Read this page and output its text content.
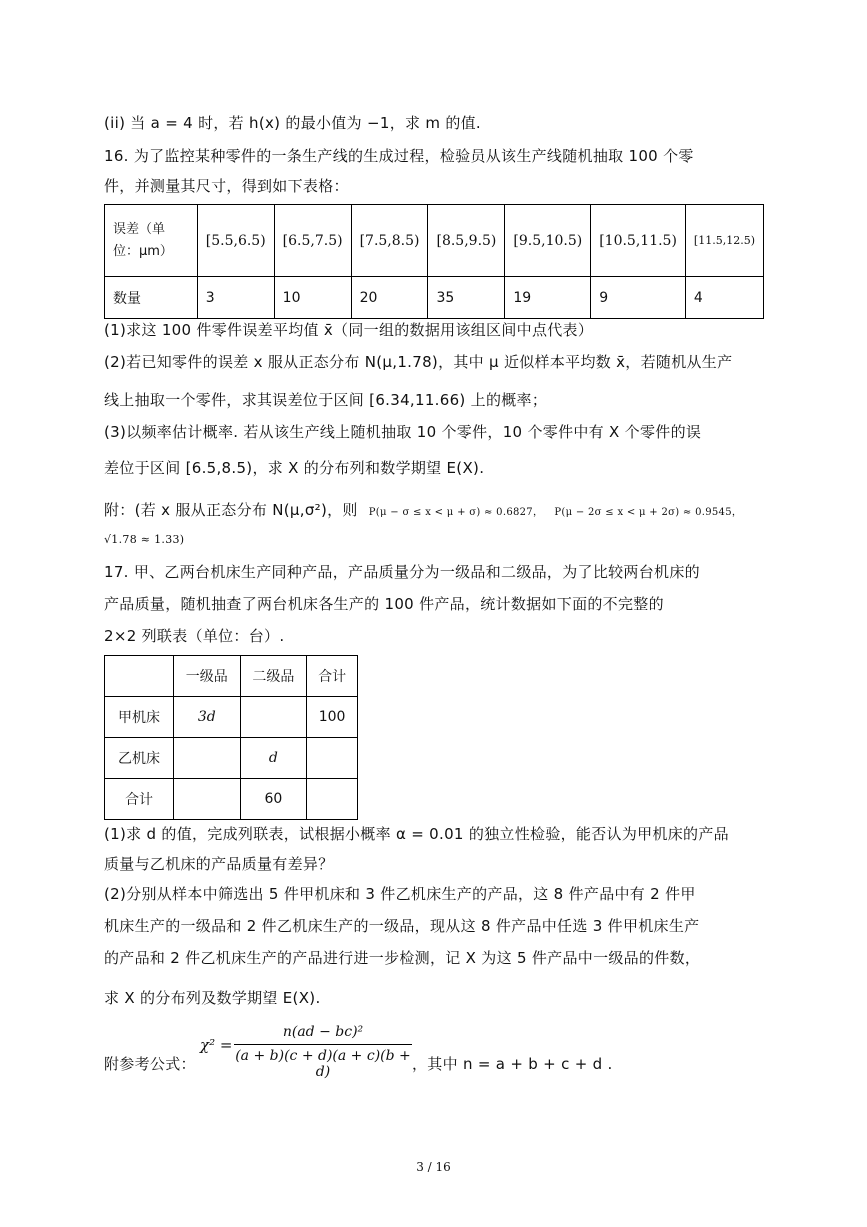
(ii) 当 a = 4 时，若 h(x) 的最小值为 −1，求 m 的值.
16. 为了监控某种零件的一条生产线的生成过程，检验员从该生产线随机抽取 100 个零
件，并测量其尺寸，得到如下表格：
误差（单位：μm）	[5.5,6.5)	[6.5,7.5)	[7.5,8.5)	[8.5,9.5)	[9.5,10.5)	[10.5,11.5)	[11.5,12.5)
数量	3	10	20	35	19	9	4
(1)求这 100 件零件误差平均值 x̄（同一组的数据用该组区间中点代表）
(2)若已知零件的误差 x 服从正态分布 N(μ,1.78)，其中 μ 近似样本平均数 x̄，若随机从生产
线上抽取一个零件，求其误差位于区间 [6.34,11.66) 上的概率；
(3)以频率估计概率. 若从该生产线上随机抽取 10 个零件，10 个零件中有 X 个零件的误
差位于区间 [6.5,8.5)，求 X 的分布列和数学期望 E(X).
附：(若 x 服从正态分布 N(μ,σ²)，则 P(μ − σ ≤ x < μ + σ) ≈ 0.6827， P(μ − 2σ ≤ x < μ + 2σ) ≈ 0.9545，
√1.78 ≈ 1.33)
17. 甲、乙两台机床生产同种产品，产品质量分为一级品和二级品，为了比较两台机床的
产品质量，随机抽查了两台机床各生产的 100 件产品，统计数据如下面的不完整的
2×2 列联表（单位：台）.
	一级品	二级品	合计
甲机床	3d		100
乙机床		d	
合计		60	
(1)求 d 的值，完成列联表，试根据小概率 α = 0.01 的独立性检验，能否认为甲机床的产品
质量与乙机床的产品质量有差异？
(2)分别从样本中筛选出 5 件甲机床和 3 件乙机床生产的产品，这 8 件产品中有 2 件甲
机床生产的一级品和 2 件乙机床生产的一级品，现从这 8 件产品中任选 3 件甲机床生产
的产品和 2 件乙机床生产的产品进行进一步检测，记 X 为这 5 件产品中一级品的件数，
求 X 的分布列及数学期望 E(X).
附参考公式：
χ² =
n(ad − bc)²
(a + b)(c + d)(a + c)(b + d)	，其中 n = a + b + c + d .
3 / 16
